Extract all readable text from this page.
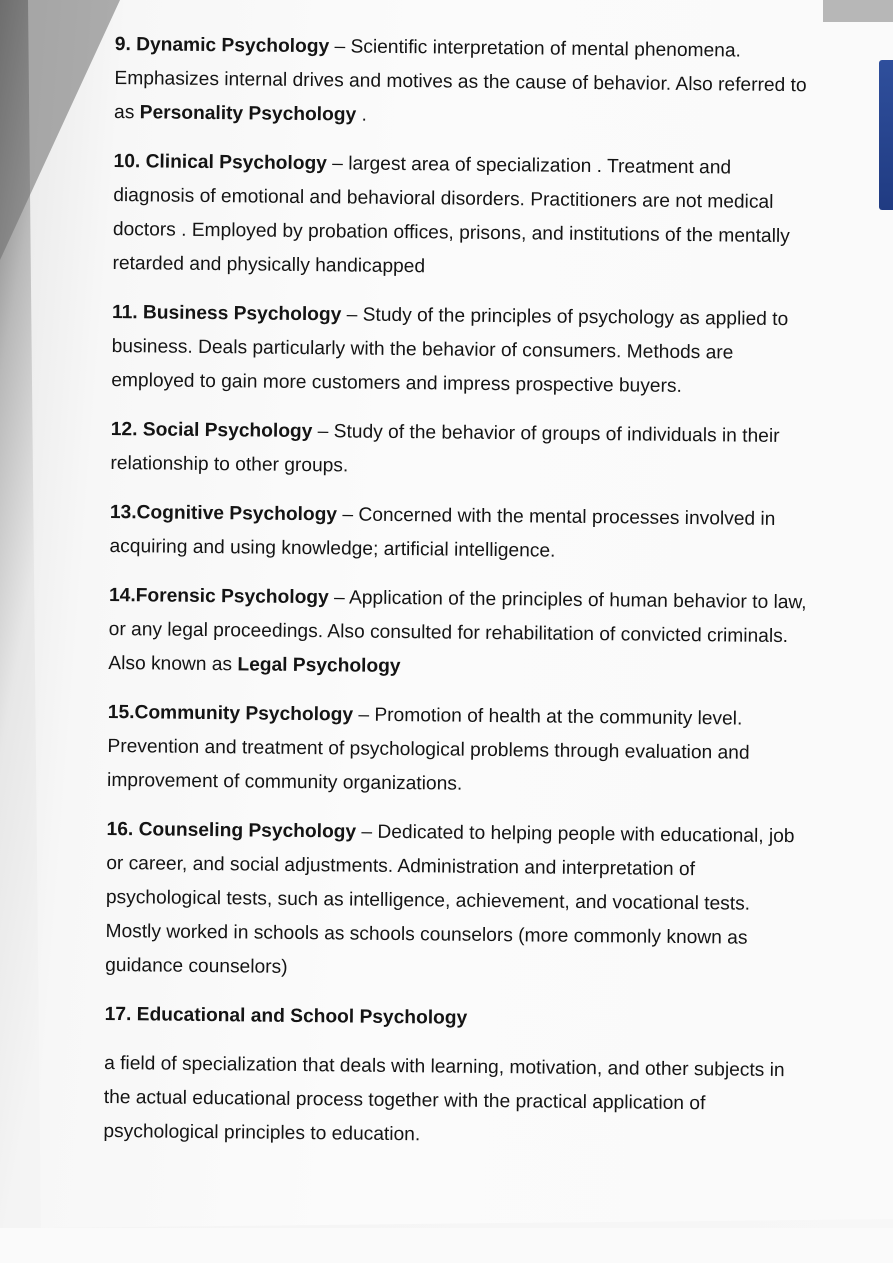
9. Dynamic Psychology – Scientific interpretation of mental phenomena. Emphasizes internal drives and motives as the cause of behavior. Also referred to as Personality Psychology .

10. Clinical Psychology – largest area of specialization . Treatment and diagnosis of emotional and behavioral disorders. Practitioners are not medical doctors . Employed by probation offices, prisons, and institutions of the mentally retarded and physically handicapped

11. Business Psychology – Study of the principles of psychology as applied to business. Deals particularly with the behavior of consumers. Methods are employed to gain more customers and impress prospective buyers.

12. Social Psychology – Study of the behavior of groups of individuals in their relationship to other groups.

13.Cognitive Psychology – Concerned with the mental processes involved in acquiring and using knowledge; artificial intelligence.

14.Forensic Psychology – Application of the principles of human behavior to law, or any legal proceedings. Also consulted for rehabilitation of convicted criminals. Also known as Legal Psychology

15.Community Psychology – Promotion of health at the community level. Prevention and treatment of psychological problems through evaluation and improvement of community organizations.

16. Counseling Psychology – Dedicated to helping people with educational, job or career, and social adjustments. Administration and interpretation of psychological tests, such as intelligence, achievement, and vocational tests. Mostly worked in schools as schools counselors (more commonly known as guidance counselors)

17. Educational and School Psychology

a field of specialization that deals with learning, motivation, and other subjects in the actual educational process together with the practical application of psychological principles to education.
